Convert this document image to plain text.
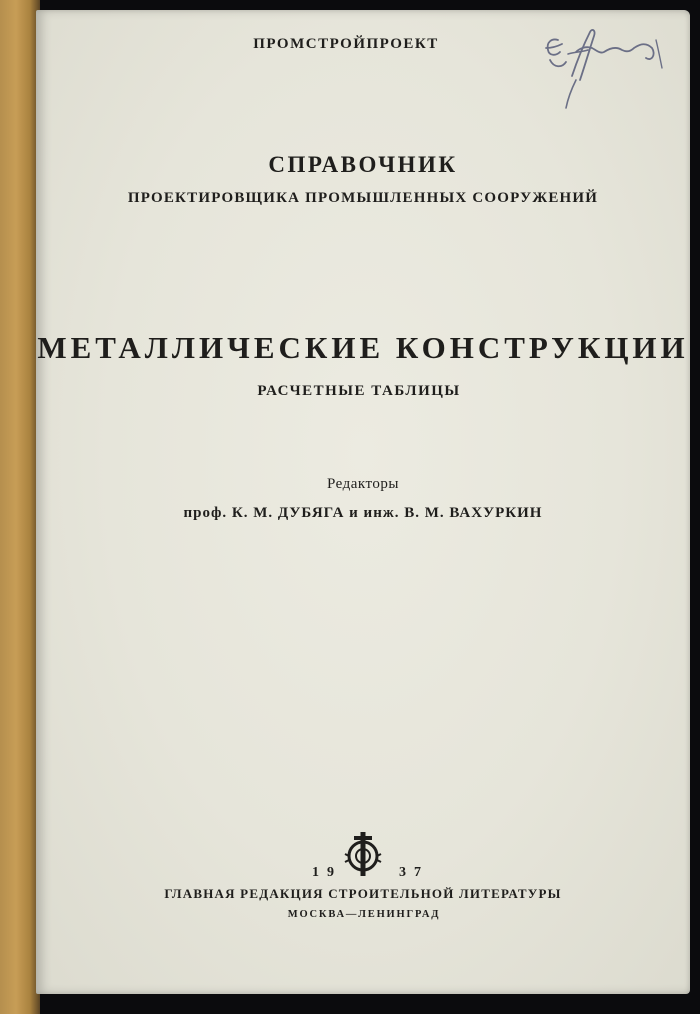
ПРОМСТРОЙПРОЕКТ
СПРАВОЧНИК
ПРОЕКТИРОВЩИКА ПРОМЫШЛЕННЫХ СООРУЖЕНИЙ
МЕТАЛЛИЧЕСКИЕ КОНСТРУКЦИИ
РАСЧЕТНЫЕ ТАБЛИЦЫ
Редакторы
проф. К. М. ДУБЯГА и инж. В. М. ВАХУРКИН
19	37
ГЛАВНАЯ РЕДАКЦИЯ СТРОИТЕЛЬНОЙ ЛИТЕРАТУРЫ
МОСКВА—ЛЕНИНГРАД
